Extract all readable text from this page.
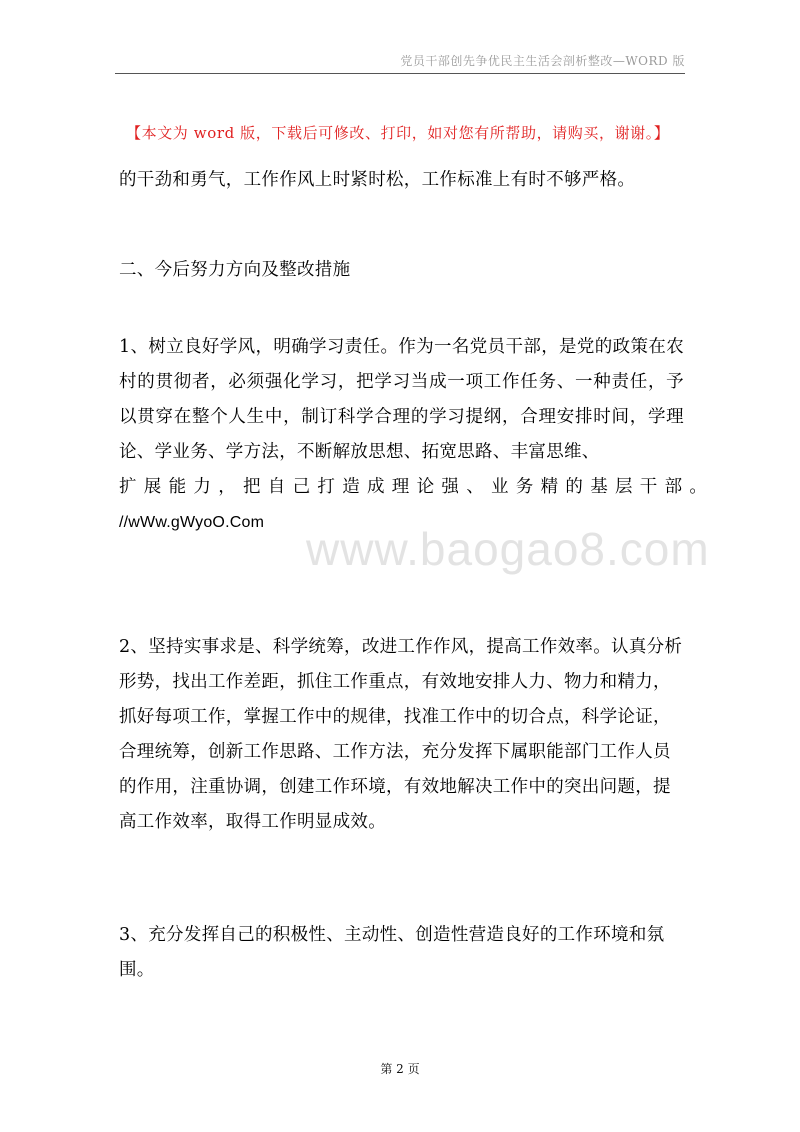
党员干部创先争优民主生活会剖析整改—WORD 版
【本文为 word 版，下载后可修改、打印，如对您有所帮助，请购买，谢谢。】
的干劲和勇气，工作作风上时紧时松，工作标准上有时不够严格。
二、今后努力方向及整改措施
1、树立良好学风，明确学习责任。作为一名党员干部，是党的政策在农村的贯彻者，必须强化学习，把学习当成一项工作任务、一种责任，予以贯穿在整个人生中，制订科学合理的学习提纲，合理安排时间，学理论、学业务、学方法，不断解放思想、拓宽思路、丰富思维、
扩展能力，把自己打造成理论强、业务精的基层干部。
//wWw.gWyoO.Com
www.baogao8.com
2、坚持实事求是、科学统筹，改进工作作风，提高工作效率。认真分析形势，找出工作差距，抓住工作重点，有效地安排人力、物力和精力，抓好每项工作，掌握工作中的规律，找准工作中的切合点，科学论证，合理统筹，创新工作思路、工作方法，充分发挥下属职能部门工作人员的作用，注重协调，创建工作环境，有效地解决工作中的突出问题，提高工作效率，取得工作明显成效。
3、充分发挥自己的积极性、主动性、创造性营造良好的工作环境和氛围。
第 2 页
